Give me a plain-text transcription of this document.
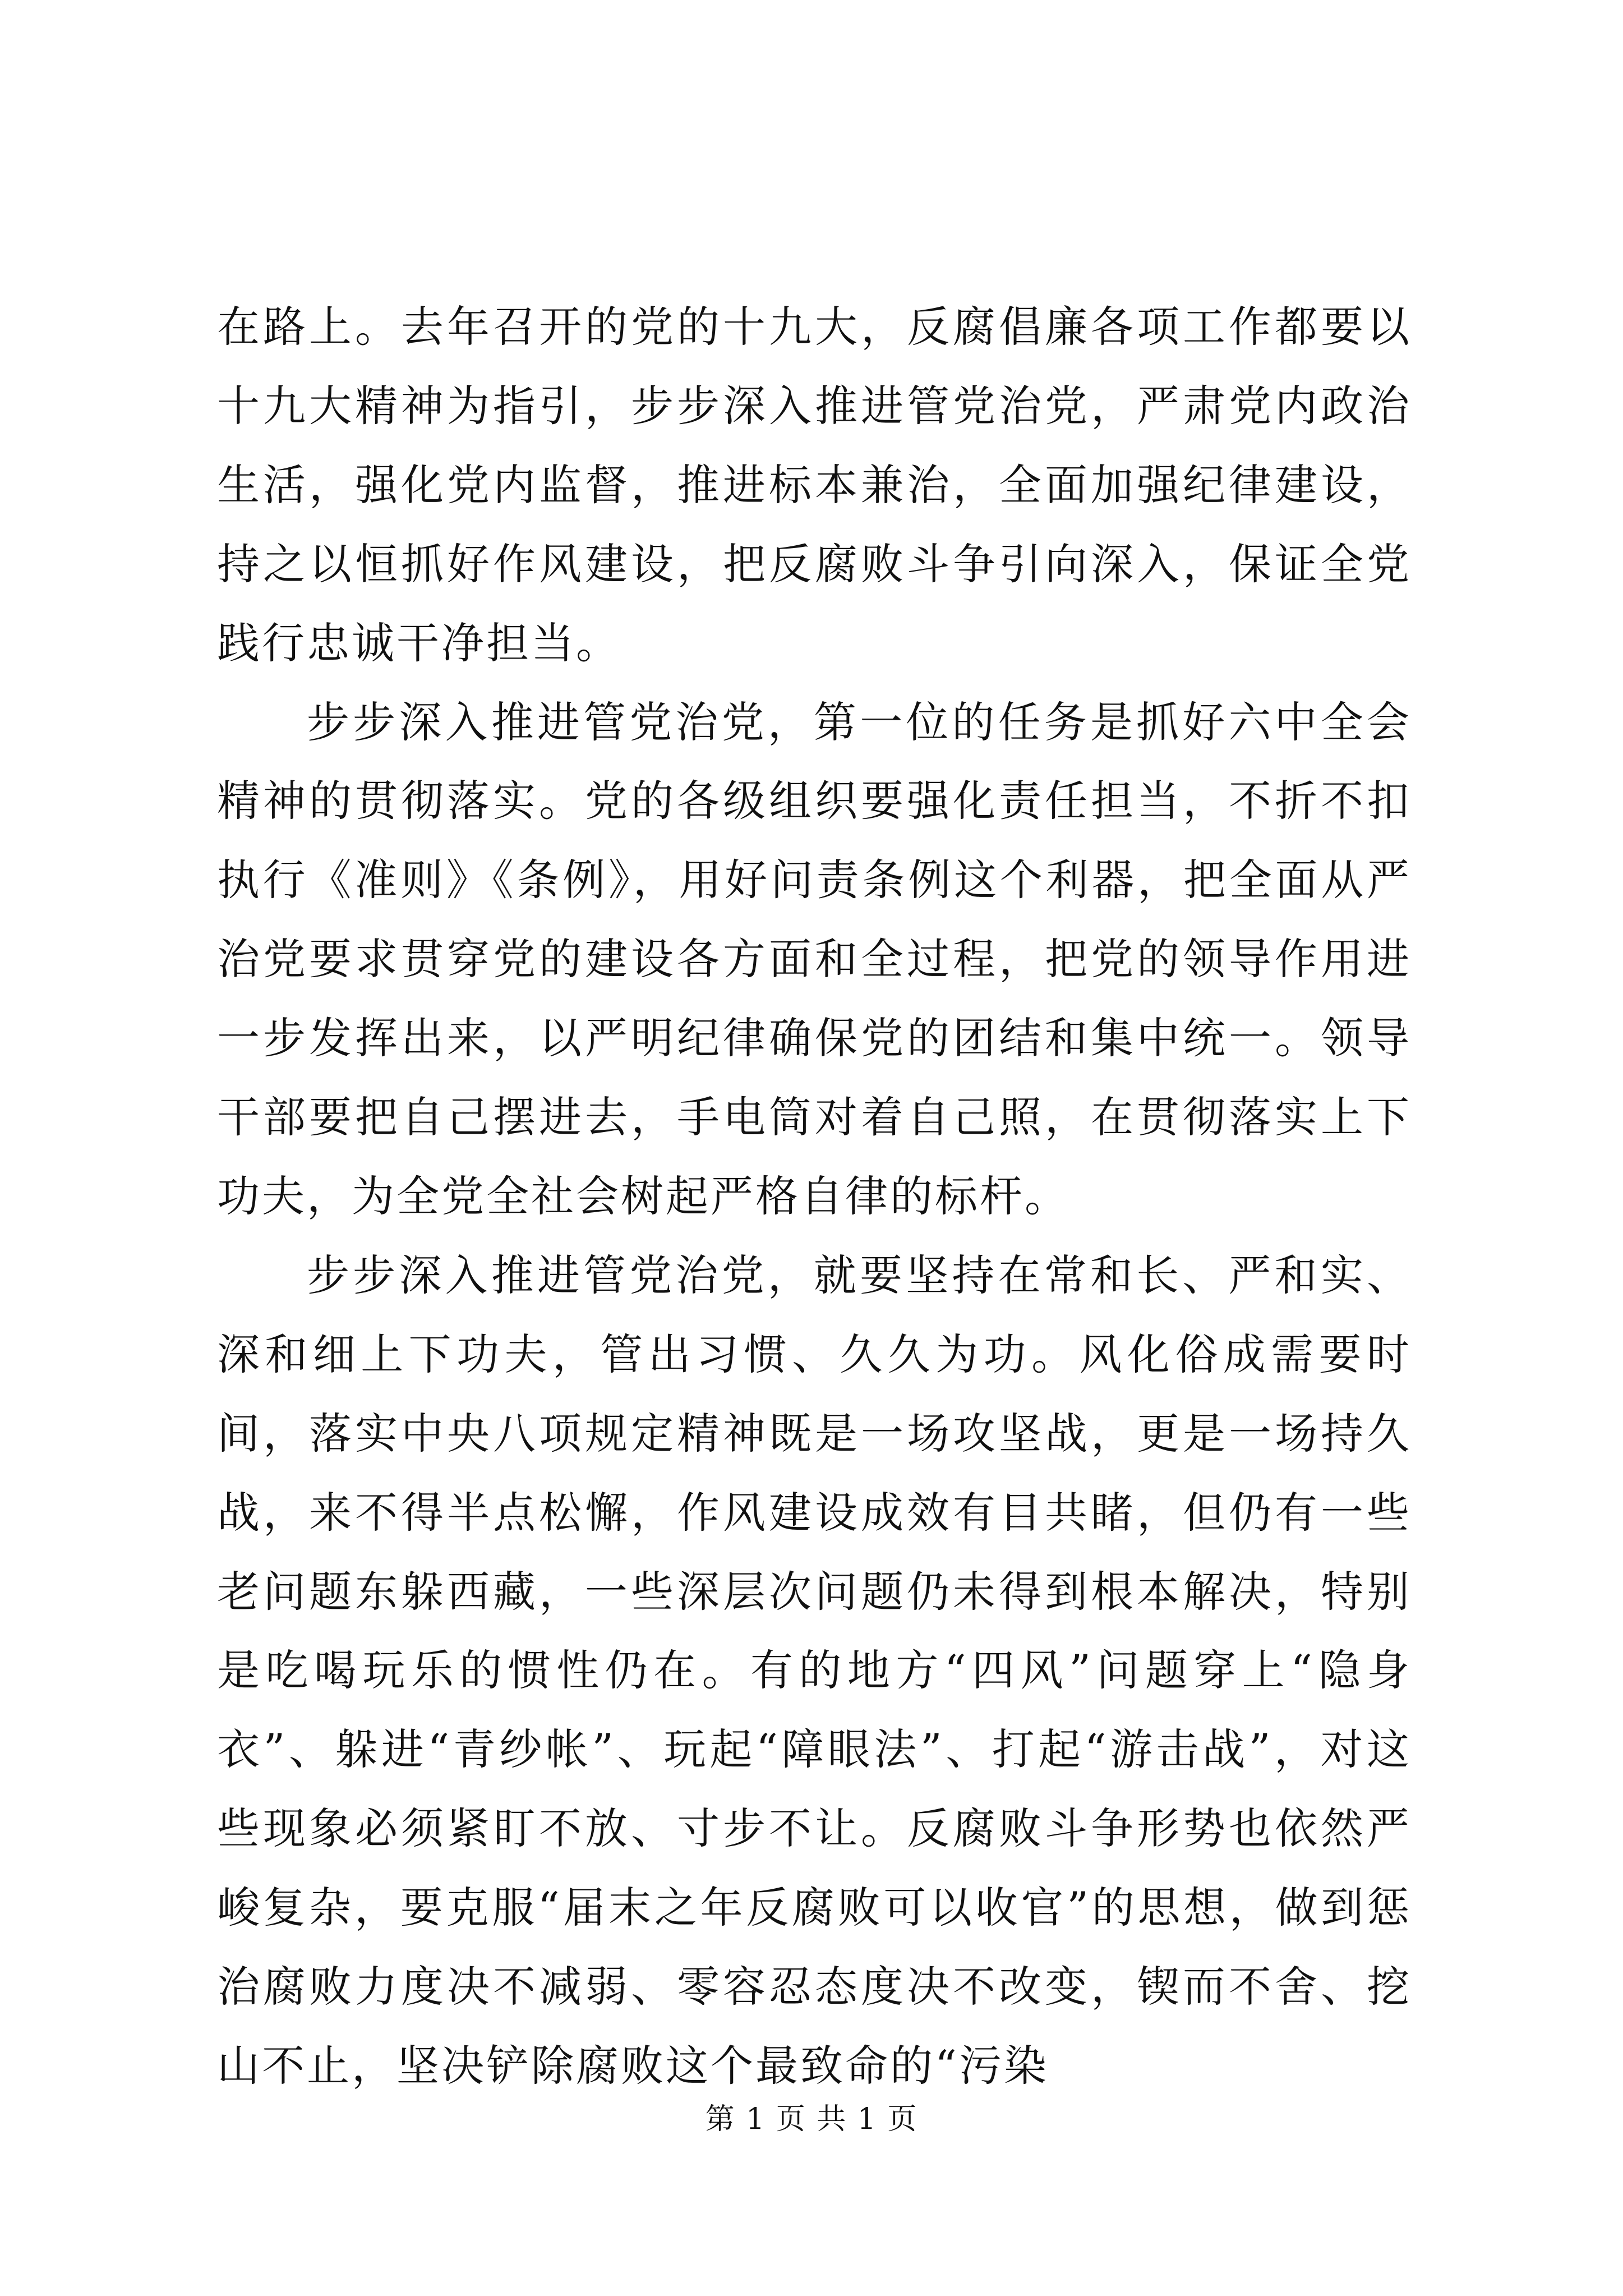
在路上。去年召开的党的十九大，反腐倡廉各项工作都要以十九大精神为指引，步步深入推进管党治党，严肃党内政治生活，强化党内监督，推进标本兼治，全面加强纪律建设，持之以恒抓好作风建设，把反腐败斗争引向深入，保证全党践行忠诚干净担当。

步步深入推进管党治党，第一位的任务是抓好六中全会精神的贯彻落实。党的各级组织要强化责任担当，不折不扣执行《准则》《条例》，用好问责条例这个利器，把全面从严治党要求贯穿党的建设各方面和全过程，把党的领导作用进一步发挥出来，以严明纪律确保党的团结和集中统一。领导干部要把自己摆进去，手电筒对着自己照，在贯彻落实上下功夫，为全党全社会树起严格自律的标杆。

步步深入推进管党治党，就要坚持在常和长、严和实、深和细上下功夫，管出习惯、久久为功。风化俗成需要时间，落实中央八项规定精神既是一场攻坚战，更是一场持久战，来不得半点松懈，作风建设成效有目共睹，但仍有一些老问题东躲西藏，一些深层次问题仍未得到根本解决，特别是吃喝玩乐的惯性仍在。有的地方“四风”问题穿上“隐身衣”、躲进“青纱帐”、玩起“障眼法”、打起“游击战”，对这些现象必须紧盯不放、寸步不让。反腐败斗争形势也依然严峻复杂，要克服“届末之年反腐败可以收官”的思想，做到惩治腐败力度决不减弱、零容忍态度决不改变，锲而不舍、挖山不止，坚决铲除腐败这个最致命的“污染

第 1 页 共 1 页
